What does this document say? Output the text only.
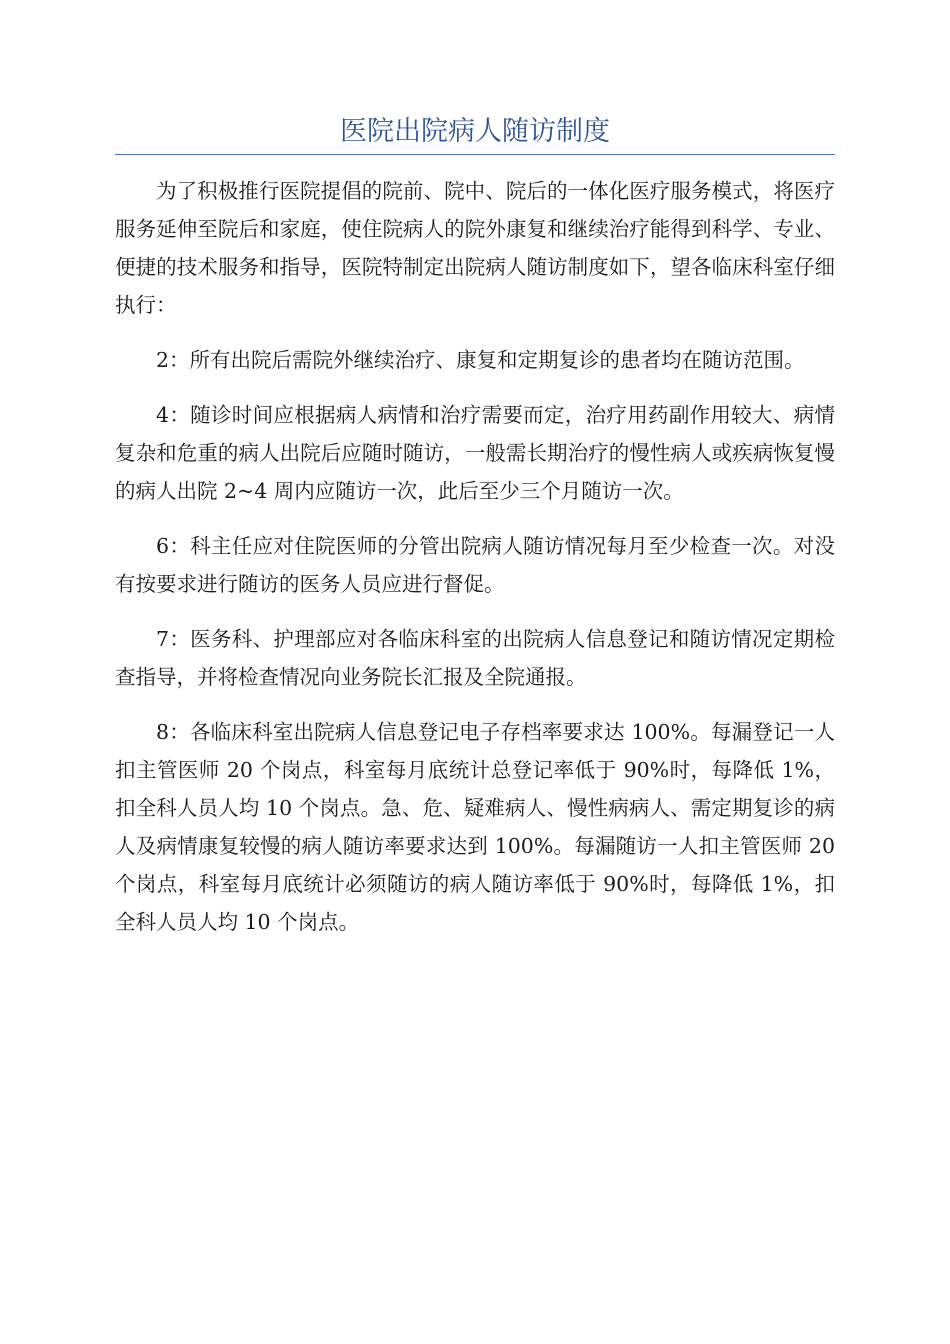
医院出院病人随访制度

为了积极推行医院提倡的院前、院中、院后的一体化医疗服务模式，将医疗服务延伸至院后和家庭，使住院病人的院外康复和继续治疗能得到科学、专业、便捷的技术服务和指导，医院特制定出院病人随访制度如下，望各临床科室仔细执行：

2：所有出院后需院外继续治疗、康复和定期复诊的患者均在随访范围。

4：随诊时间应根据病人病情和治疗需要而定，治疗用药副作用较大、病情复杂和危重的病人出院后应随时随访，一般需长期治疗的慢性病人或疾病恢复慢的病人出院 2~4 周内应随访一次，此后至少三个月随访一次。

6：科主任应对住院医师的分管出院病人随访情况每月至少检查一次。对没有按要求进行随访的医务人员应进行督促。

7：医务科、护理部应对各临床科室的出院病人信息登记和随访情况定期检查指导，并将检查情况向业务院长汇报及全院通报。

8：各临床科室出院病人信息登记电子存档率要求达 100%。每漏登记一人扣主管医师 20 个岗点，科室每月底统计总登记率低于 90%时，每降低 1%，扣全科人员人均 10 个岗点。急、危、疑难病人、慢性病病人、需定期复诊的病人及病情康复较慢的病人随访率要求达到 100%。每漏随访一人扣主管医师 20 个岗点，科室每月底统计必须随访的病人随访率低于 90%时，每降低 1%，扣全科人员人均 10 个岗点。
